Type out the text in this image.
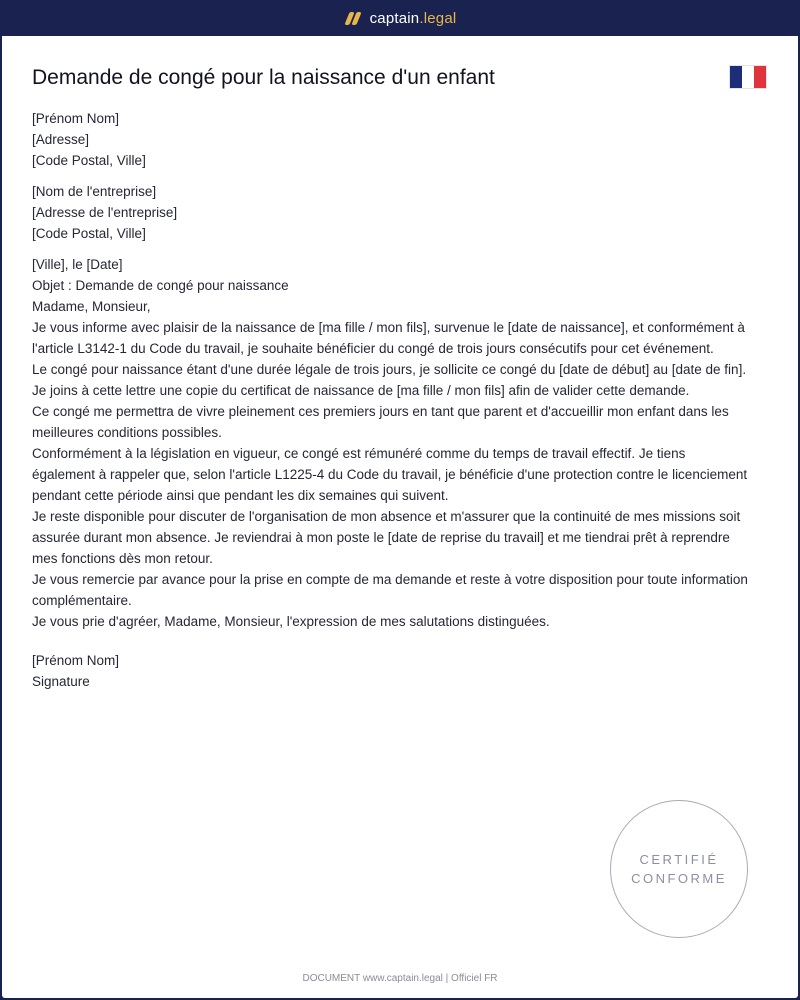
captain.legal
Demande de congé pour la naissance d'un enfant

[Prénom Nom]

[Adresse]

[Code Postal, Ville]

[Nom de l'entreprise]

[Adresse de l'entreprise]

[Code Postal, Ville]

[Ville], le [Date]

Objet : Demande de congé pour naissance

Madame, Monsieur,

Je vous informe avec plaisir de la naissance de [ma fille / mon fils], survenue le [date de naissance], et conformément à l'article L3142-1 du Code du travail, je souhaite bénéficier du congé de trois jours consécutifs pour cet événement.

Le congé pour naissance étant d'une durée légale de trois jours, je sollicite ce congé du [date de début] au [date de fin].

Je joins à cette lettre une copie du certificat de naissance de [ma fille / mon fils] afin de valider cette demande.

Ce congé me permettra de vivre pleinement ces premiers jours en tant que parent et d'accueillir mon enfant dans les meilleures conditions possibles.

Conformément à la législation en vigueur, ce congé est rémunéré comme du temps de travail effectif. Je tiens également à rappeler que, selon l'article L1225-4 du Code du travail, je bénéficie d'une protection contre le licenciement pendant cette période ainsi que pendant les dix semaines qui suivent.

Je reste disponible pour discuter de l'organisation de mon absence et m'assurer que la continuité de mes missions soit assurée durant mon absence. Je reviendrai à mon poste le [date de reprise du travail] et me tiendrai prêt à reprendre mes fonctions dès mon retour.

Je vous remercie par avance pour la prise en compte de ma demande et reste à votre disposition pour toute information complémentaire.

Je vous prie d'agréer, Madame, Monsieur, l'expression de mes salutations distinguées.

[Prénom Nom]

Signature

CERTIFIÉ
CONFORME
DOCUMENT www.captain.legal | Officiel FR
